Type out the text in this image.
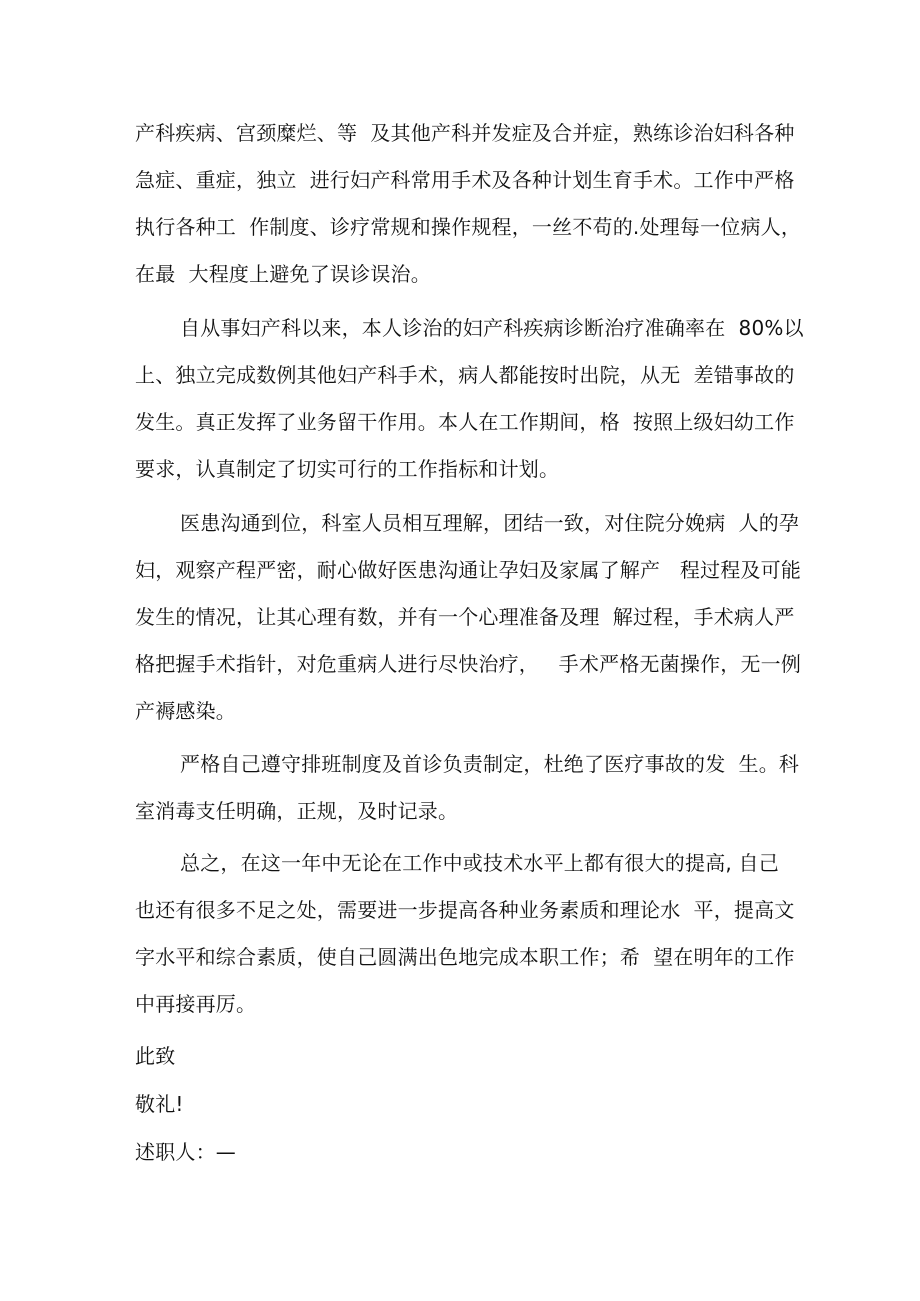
产科疾病、宫颈糜烂、等  及其他产科并发症及合并症，熟练诊治妇科各种
急症、重症，独立  进行妇产科常用手术及各种计划生育手术。工作中严格
执行各种工  作制度、诊疗常规和操作规程，一丝不苟的.处理每一位病人，
在最  大程度上避免了误诊误治。
自从事妇产科以来，本人诊治的妇产科疾病诊断治疗准确率在  80%以
上、独立完成数例其他妇产科手术，病人都能按时出院，从无  差错事故的
发生。真正发挥了业务留干作用。本人在工作期间，格  按照上级妇幼工作
要求，认真制定了切实可行的工作指标和计划。
医患沟通到位，科室人员相互理解，团结一致，对住院分娩病  人的孕
妇，观察产程严密，耐心做好医患沟通让孕妇及家属了解产   程过程及可能
发生的情况，让其心理有数，并有一个心理准备及理  解过程，手术病人严
格把握手术指针，对危重病人进行尽快治疗，   手术严格无菌操作，无一例
产褥感染。
严格自己遵守排班制度及首诊负责制定，杜绝了医疗事故的发  生。科
室消毒支任明确，正规，及时记录。
总之，在这一年中无论在工作中或技术水平上都有很大的提高, 自己
也还有很多不足之处，需要进一步提高各种业务素质和理论水  平，提高文
字水平和综合素质，使自己圆满出色地完成本职工作；希  望在明年的工作
中再接再厉。
此致
敬礼!
述职人：—
